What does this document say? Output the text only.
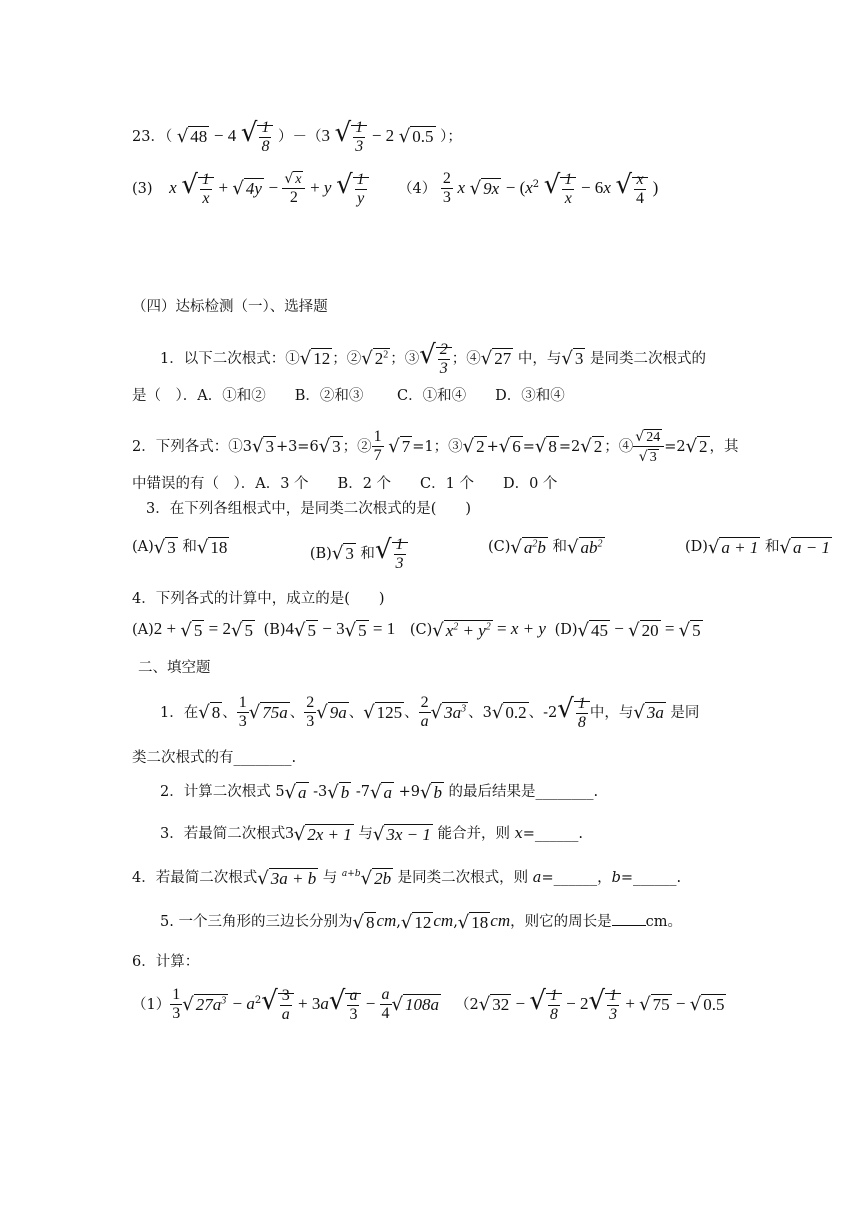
23．（ √ 48 − 4 √ $\frac{1}{8} )-(3$ √ $\frac{1}{3} - 2$ √ 0.5 ）；
(3) x √ $\frac{1}{x}$ + √ $4y - \frac{√ x}{2} + y$ √ $\frac{1}{y} (4) \frac{2}{3}$ x √ $9x - (x^2$ √ $\frac{1}{x} - 6x$ √ $\frac{x}{4}$ )
（四）达标检测（一）、选择题
1．以下二次根式：①√ 12 ；②√ $2^2$ ；③√ $\frac{2}{3}$ ；④√ 27 中，与√ 3 是同类二次根式的
是（　）．A．①和②　　B．②和③　　 C．①和④　　D．③和④
2．下列各式：①3√ 3 +3=6√ 3 ；② $\frac{1}{7}$ √ 7 =1；③√ 2 +√ 6 =√ 8 =2√ 2 ；④ $\frac{√ 24}{√ 3} =2√$ 2 ，其
中错误的有（　）．A．3 个　　B．2 个　　C．1 个　　D．0 个
3．在下列各组根式中，是同类二次根式的是(　　)
(A)√ 3 和√ 18	(B)√ 3 和√ $\frac{1}{3}$	(C)√ $a^2b$ 和√ $ab^2$	(D)√ a + 1 和√ a − 1
4．下列各式的计算中，成立的是(　　)
(A)2 + √ 5 = 2√ 5 (B)4√ 5 − 3√ 5 = 1 (C)√ $x^2 + y^2 = x + y$ (D)√ 45 − √ 20 = √ 5
二、填空题
1．在√ 8 、 $\frac{1}{3}$ √ 75a 、 $\frac{2}{3}$ √ 9a 、√ 125 、 $\frac{2}{a}$ √ $3a^3$ 、3√ 0.2 、$-2√ \frac{1}{8}$ 中，与√ 3a 是同
类二次根式的有________.
2．计算二次根式 5√ a -3√ b -7√ a +9√ b 的最后结果是________.
3．若最简二次根式3√ 2x + 1 与√ 3x − 1 能合并，则 x=______.
4．若最简二次根式√ 3a + b 与 $^{a+b}$√ 2b 是同类二次根式，则 a=______，b=______.
5. 一个三角形的三边长分别为√ 8 cm,√ 12 cm,√ 18 cm，则它的周长是 cm。
6．计算：
$(1) \frac{1}{3}$ √ $27a^3 - a^2√ \frac{3}{a} + 3a√ \frac{a}{3} - \frac{a}{4}$ √ 108a （2√ 32 − √ $\frac{1}{8} - 2√ \frac{1}{3}$ + √ 75 − √ 0.5
